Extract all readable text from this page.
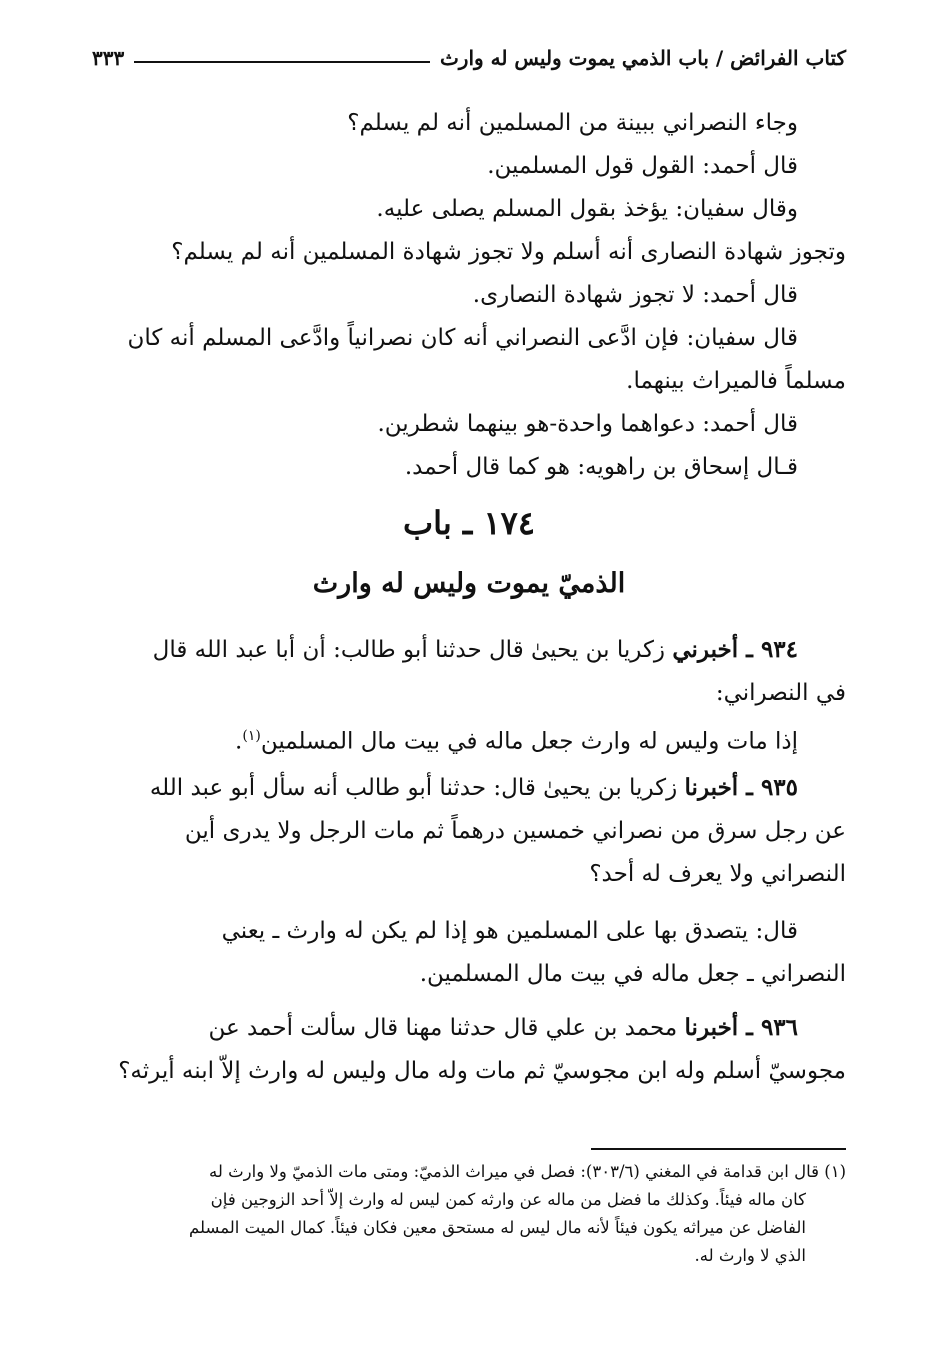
كتاب الفرائض / باب الذمي يموت وليس له وارث
٣٣٣
وجاء النصراني ببينة من المسلمين أنه لم يسلم؟
قال أحمد: القول قول المسلمين.
وقال سفيان: يؤخذ بقول المسلم يصلى عليه.
وتجوز شهادة النصارى أنه أسلم ولا تجوز شهادة المسلمين أنه لم يسلم؟
قال أحمد: لا تجوز شهادة النصارى.
قال سفيان: فإن ادَّعى النصراني أنه كان نصرانياً وادَّعى المسلم أنه كان
مسلماً فالميراث بينهما.
قال أحمد: دعواهما واحدة-هو بينهما شطرين.
قـال إسحاق بن راهويه: هو كما قال أحمد.
١٧٤ ـ باب
الذميّ يموت وليس له وارث
٩٣٤ ـ أخبرني زكريا بن يحيىٰ قال حدثنا أبو طالب: أن أبا عبد الله قال
في النصراني:
إذا مات وليس له وارث جعل ماله في بيت مال المسلمين$^{(١)}$.
٩٣٥ ـ أخبرنا زكريا بن يحيىٰ قال: حدثنا أبو طالب أنه سأل أبو عبد الله
عن رجل سرق من نصراني خمسين درهماً ثم مات الرجل ولا يدرى أين
النصراني ولا يعرف له أحد؟
قال: يتصدق بها على المسلمين هو إذا لم يكن له وارث ـ يعني
النصراني ـ جعل ماله في بيت مال المسلمين.
٩٣٦ ـ أخبرنا محمد بن علي قال حدثنا مهنا قال سألت أحمد عن
مجوسيّ أسلم وله ابن مجوسيّ ثم مات وله مال وليس له وارث إلاّ ابنه أيرثه؟
(١) قال ابن قدامة في المغني (٣٠٣/٦): فصل في ميراث الذميّ: ومتى مات الذميّ ولا وارث له
كان ماله فيئاً. وكذلك ما فضل من ماله عن وارثه كمن ليس له وارث إلاّ أحد الزوجين فإن
الفاضل عن ميراثه يكون فيئاً لأنه مال ليس له مستحق معين فكان فيئاً. كمال الميت المسلم
الذي لا وارث له.
